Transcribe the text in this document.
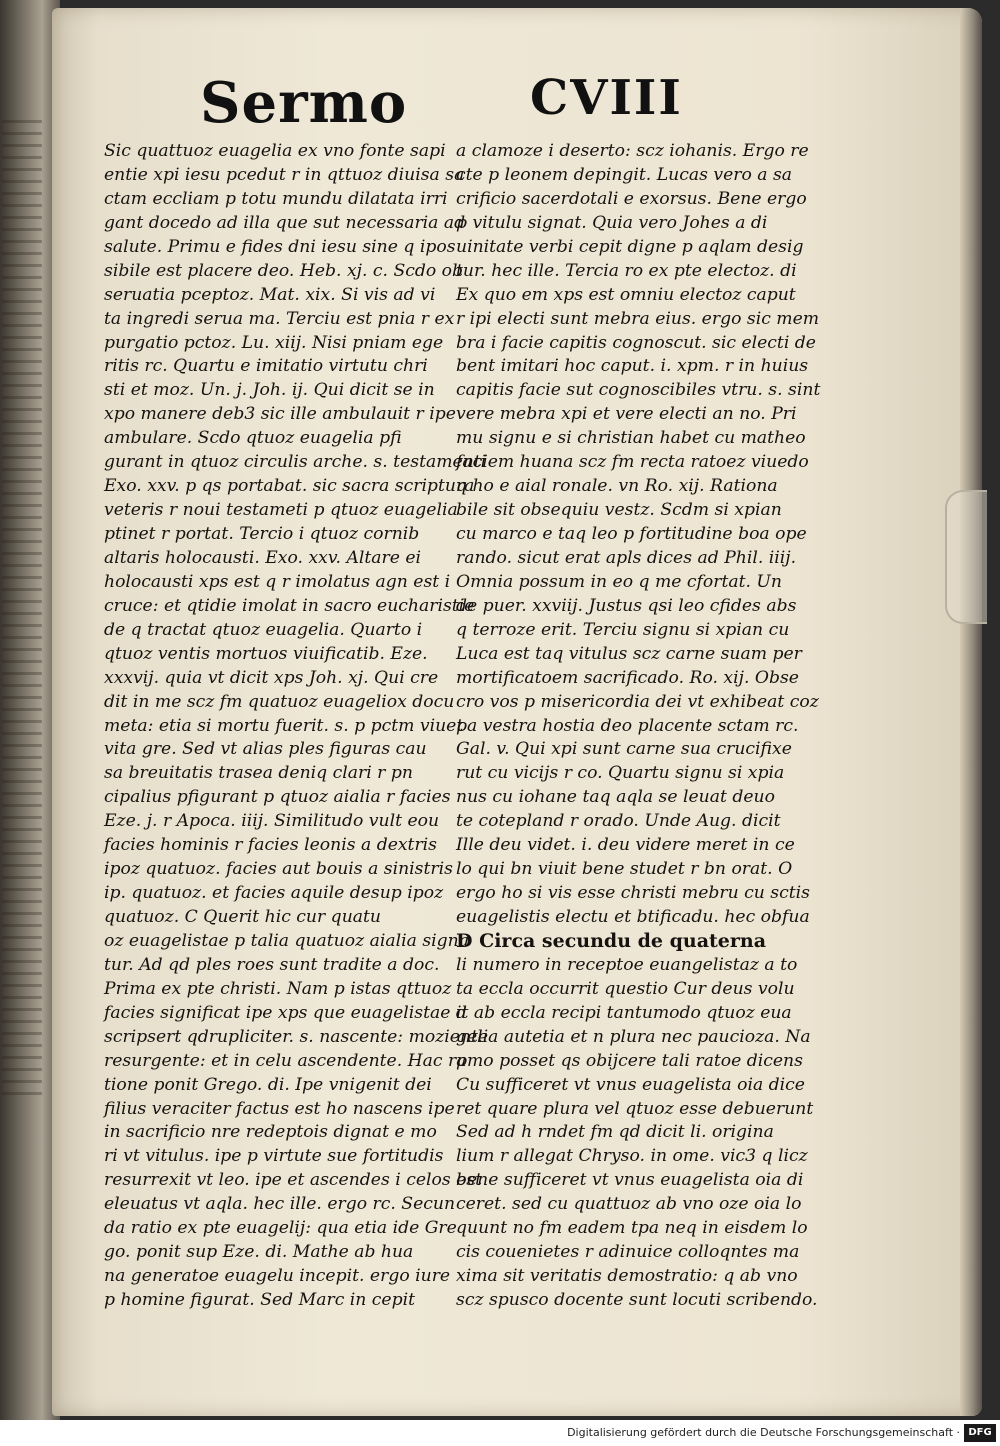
Sermo	CVIII
Sic quattuoz euagelia ex vno fonte sapi
entie xpi iesu pcedut r in qttuoz diuisa sa
ctam eccliam p totu mundu dilatata irri
gant docedo ad illa que sut necessaria ad
salute. Primu e fides dni iesu sine q ipos
sibile est placere deo. Heb. xj. c. Scdo ob
seruatia pceptoz. Mat. xix. Si vis ad vi
ta ingredi serua ma. Terciu est pnia r ex
purgatio pctoz. Lu. xiij. Nisi pniam ege
ritis rc. Quartu e imitatio virtutu chri
sti et moz. Un. j. Joh. ij. Qui dicit se in
xpo manere deb3 sic ille ambulauit r ipe
ambulare. Scdo qtuoz euagelia pfi
gurant in qtuoz circulis arche. s. testamenti
Exo. xxv. p qs portabat. sic sacra scriptura
veteris r noui testameti p qtuoz euagelia
ptinet r portat. Tercio i qtuoz cornib
altaris holocausti. Exo. xxv. Altare ei
holocausti xps est q r imolatus agn est i
cruce: et qtidie imolat in sacro eucharistie
de q tractat qtuoz euagelia. Quarto i
qtuoz ventis mortuos viuificatib. Eze.
xxxvij. quia vt dicit xps Joh. xj. Qui cre
dit in me scz fm quatuoz euageliox docu
meta: etia si mortu fuerit. s. p pctm viuet
vita gre. Sed vt alias ples figuras cau
sa breuitatis trasea deniq clari r pn
cipalius pfigurant p qtuoz aialia r facies
Eze. j. r Apoca. iiij. Similitudo vult eou
facies hominis r facies leonis a dextris
ipoz quatuoz. facies aut bouis a sinistris
ip. quatuoz. et facies aquile desup ipoz
quatuoz. C Querit hic cur quatu
oz euagelistae p talia quatuoz aialia signa
tur. Ad qd ples roes sunt tradite a doc.
Prima ex pte christi. Nam p istas qttuoz
facies significat ipe xps que euagelistae d
scripsert qdrupliciter. s. nascente: moziente
resurgente: et in celu ascendente. Hac ra
tione ponit Grego. di. Ipe vnigenit dei
filius veraciter factus est ho nascens ipe
in sacrificio nre redeptois dignat e mo
ri vt vitulus. ipe p virtute sue fortitudis
resurrexit vt leo. ipe et ascendes i celos est
eleuatus vt aqla. hec ille. ergo rc. Secun
da ratio ex pte euagelij: qua etia ide Gre
go. ponit sup Eze. di. Mathe ab hua
na generatoe euagelu incepit. ergo iure
p homine figurat. Sed Marc in cepit
a clamoze i deserto: scz iohanis. Ergo re
cte p leonem depingit. Lucas vero a sa
crificio sacerdotali e exorsus. Bene ergo
p vitulu signat. Quia vero Johes a di
uinitate verbi cepit digne p aqlam desig
tur. hec ille. Tercia ro ex pte electoz. di
Ex quo em xps est omniu electoz caput
r ipi electi sunt mebra eius. ergo sic mem
bra i facie capitis cognoscut. sic electi de
bent imitari hoc caput. i. xpm. r in huius
capitis facie sut cognoscibiles vtru. s. sint
vere mebra xpi et vere electi an no. Pri
mu signu e si christian habet cu matheo
faciem huana scz fm recta ratoez viuedo
q ho e aial ronale. vn Ro. xij. Rationa
bile sit obsequiu vestz. Scdm si xpian
cu marco e taq leo p fortitudine boa ope
rando. sicut erat apls dices ad Phil. iiij.
Omnia possum in eo q me cfortat. Un
de puer. xxviij. Justus qsi leo cfides abs
q terroze erit. Terciu signu si xpian cu
Luca est taq vitulus scz carne suam per
mortificatoem sacrificado. Ro. xij. Obse
cro vos p misericordia dei vt exhibeat coz
pa vestra hostia deo placente sctam rc.
Gal. v. Qui xpi sunt carne sua crucifixe
rut cu vicijs r co. Quartu signu si xpia
nus cu iohane taq aqla se leuat deuo
te cotepland r orado. Unde Aug. dicit
Ille deu videt. i. deu videre meret in ce
lo qui bn viuit bene studet r bn orat. O
ergo ho si vis esse christi mebru cu sctis
euagelistis electu et btificadu. hec obfua
D Circa secundu de quaterna
li numero in receptoe euangelistaz a to
ta eccla occurrit questio Cur deus volu
it ab eccla recipi tantumodo qtuoz eua
gelia autetia et n plura nec paucioza. Na
pmo posset qs obijcere tali ratoe dicens
Cu sufficeret vt vnus euagelista oia dice
ret quare plura vel qtuoz esse debuerunt
Sed ad h rndet fm qd dicit li. origina
lium r allegat Chryso. in ome. vic3 q licz
bene sufficeret vt vnus euagelista oia di
ceret. sed cu quattuoz ab vno oze oia lo
quunt no fm eadem tpa neq in eisdem lo
cis couenietes r adinuice colloqntes ma
xima sit veritatis demostratio: q ab vno
scz spusco docente sunt locuti scribendo.
Digitalisierung gefördert durch die Deutsche Forschungsgemeinschaft · DFG
